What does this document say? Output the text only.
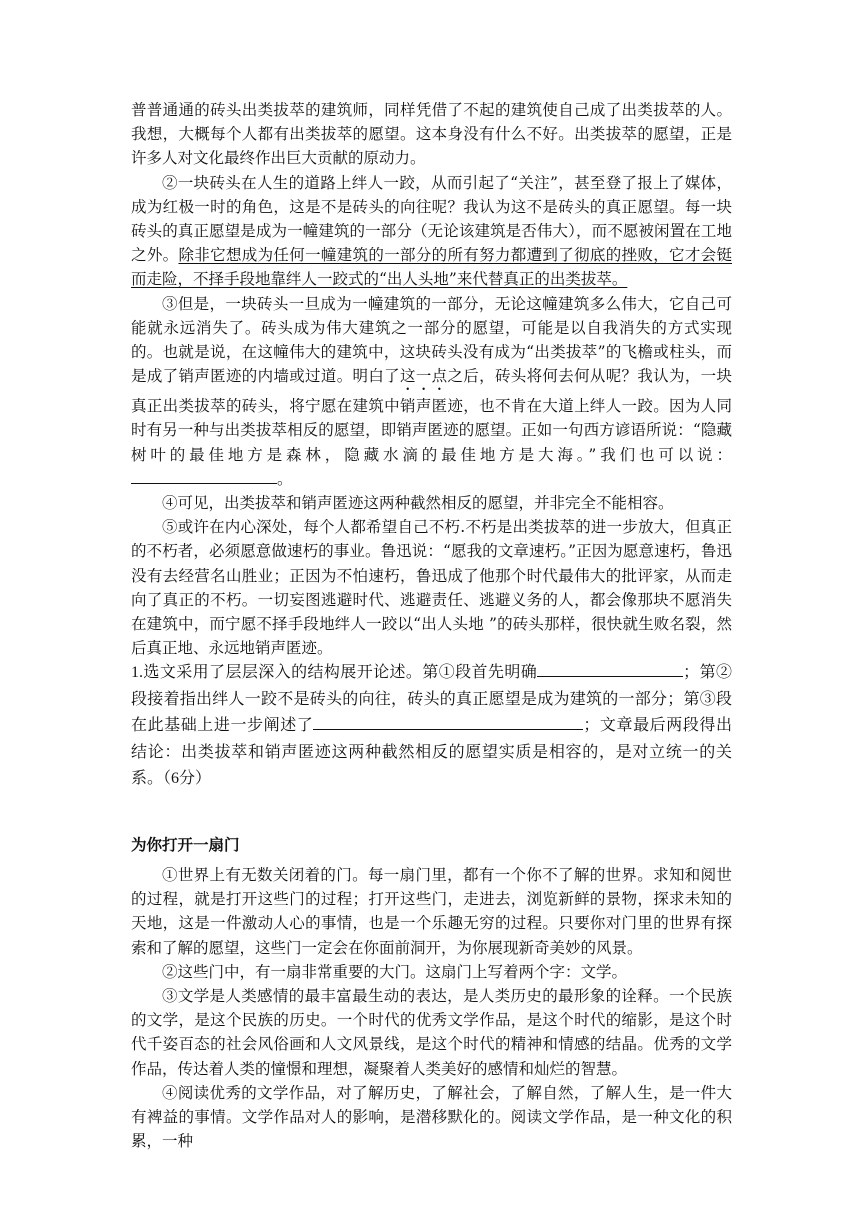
普普通通的砖头出类拔萃的建筑师，同样凭借了不起的建筑使自己成了出类拔萃的人。我想，大概每个人都有出类拔萃的愿望。这本身没有什么不好。出类拔萃的愿望，正是许多人对文化最终作出巨大贡献的原动力。

②一块砖头在人生的道路上绊人一跤，从而引起了“关注”，甚至登了报上了媒体，成为红极一时的角色，这是不是砖头的向往呢？我认为这不是砖头的真正愿望。每一块砖头的真正愿望是成为一幢建筑的一部分（无论该建筑是否伟大），而不愿被闲置在工地之外。除非它想成为任何一幢建筑的一部分的所有努力都遭到了彻底的挫败，它才会铤而走险，不择手段地靠绊人一跤式的“出人头地”来代替真正的出类拔萃。

③但是，一块砖头一旦成为一幢建筑的一部分，无论这幢建筑多么伟大，它自己可能就永远消失了。砖头成为伟大建筑之一部分的愿望，可能是以自我消失的方式实现的。也就是说，在这幢伟大的建筑中，这块砖头没有成为“出类拔萃”的飞檐或柱头，而是成了销声匿迹的内墙或过道。明白了这一点之后，砖头将何去何从呢？我认为，一块真正出类拔萃的砖头，将宁愿在建筑中销声匿迹，也不肯在大道上绊人一跤。因为人同时有另一种与出类拔萃相反的愿望，即销声匿迹的愿望。正如一句西方谚语所说：“隐藏树叶的最佳地方是森林，隐藏水滴的最佳地方是大海。”我们也可以说：。

④可见，出类拔萃和销声匿迹这两种截然相反的愿望，并非完全不能相容。

⑤或许在内心深处，每个人都希望自己不朽.不朽是出类拔萃的进一步放大，但真正的不朽者，必须愿意做速朽的事业。鲁迅说：“愿我的文章速朽。”正因为愿意速朽，鲁迅没有去经营名山胜业；正因为不怕速朽，鲁迅成了他那个时代最伟大的批评家，从而走向了真正的不朽。一切妄图逃避时代、逃避责任、逃避义务的人，都会像那块不愿消失在建筑中，而宁愿不择手段地绊人一跤以“出人头地 ”的砖头那样，很快就生败名裂，然后真正地、永远地销声匿迹。

1.选文采用了层层深入的结构展开论述。第①段首先明确	；第②段接着指出绊人一跤不是砖头的向往，砖头的真正愿望是成为建筑的一部分；第③段在此基础上进一步阐述了	；文章最后两段得出结论：出类拔萃和销声匿迹这两种截然相反的愿望实质是相容的，是对立统一的关系。（6分）

为你打开一扇门

①世界上有无数关闭着的门。每一扇门里，都有一个你不了解的世界。求知和阅世的过程，就是打开这些门的过程；打开这些门，走进去，浏览新鲜的景物，探求未知的天地，这是一件激动人心的事情，也是一个乐趣无穷的过程。只要你对门里的世界有探索和了解的愿望，这些门一定会在你面前洞开，为你展现新奇美妙的风景。

②这些门中，有一扇非常重要的大门。这扇门上写着两个字：文学。

③文学是人类感情的最丰富最生动的表达，是人类历史的最形象的诠释。一个民族的文学，是这个民族的历史。一个时代的优秀文学作品，是这个时代的缩影，是这个时代千姿百态的社会风俗画和人文风景线，是这个时代的精神和情感的结晶。优秀的文学作品，传达着人类的憧憬和理想，凝聚着人类美好的感情和灿烂的智慧。

④阅读优秀的文学作品，对了解历史，了解社会，了解自然，了解人生，是一件大有裨益的事情。文学作品对人的影响，是潜移默化的。阅读文学作品，是一种文化的积累，一种
